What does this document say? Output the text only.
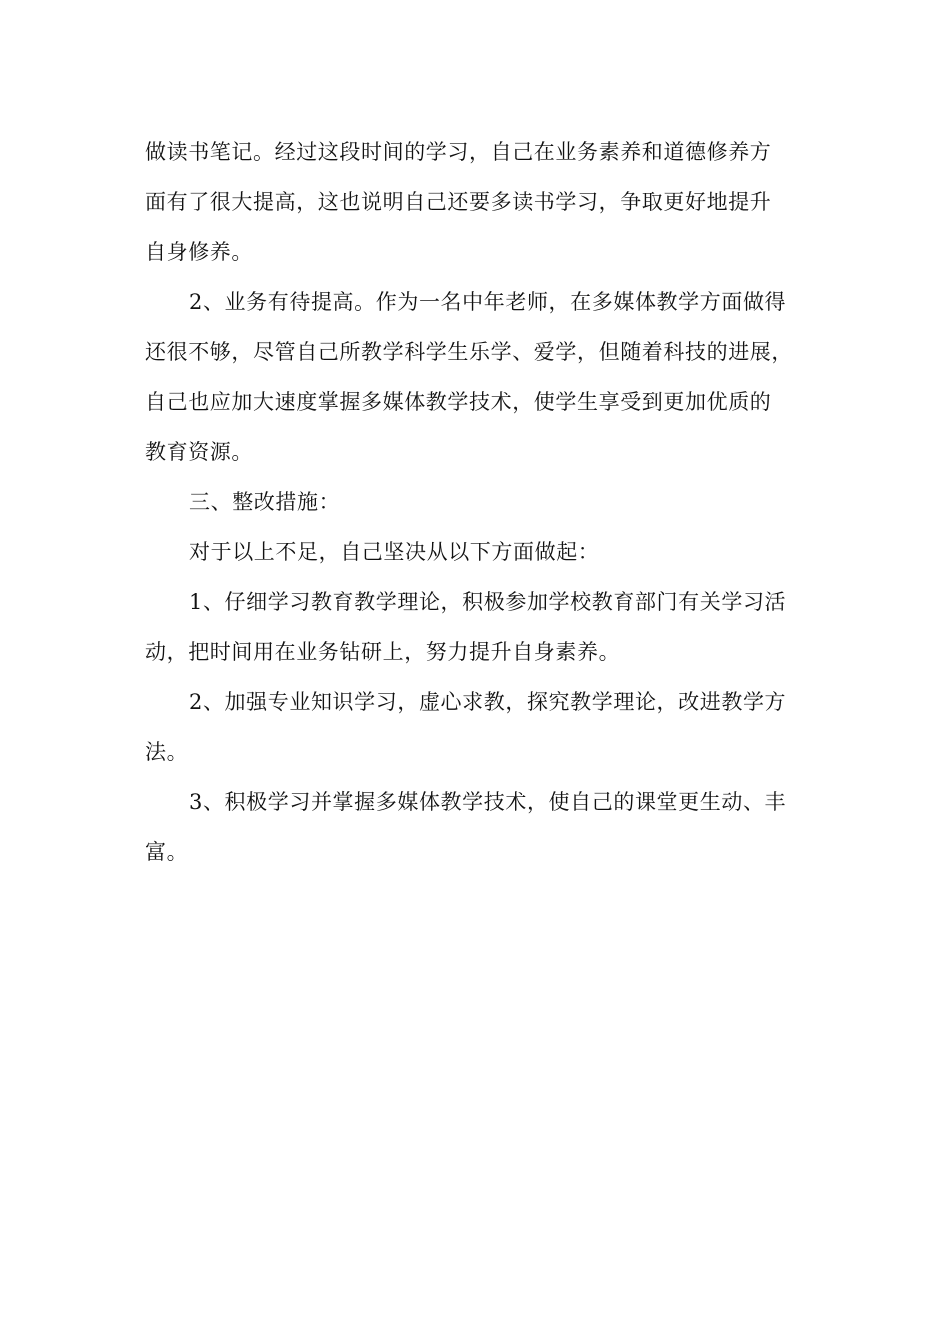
做读书笔记。经过这段时间的学习，自己在业务素养和道德修养方
面有了很大提高，这也说明自己还要多读书学习，争取更好地提升
自身修养。
2、业务有待提高。作为一名中年老师，在多媒体教学方面做得
还很不够，尽管自己所教学科学生乐学、爱学，但随着科技的进展，
自己也应加大速度掌握多媒体教学技术，使学生享受到更加优质的
教育资源。
三、整改措施：
对于以上不足，自己坚决从以下方面做起：
1、仔细学习教育教学理论，积极参加学校教育部门有关学习活
动，把时间用在业务钻研上，努力提升自身素养。
2、加强专业知识学习，虚心求教，探究教学理论，改进教学方
法。
3、积极学习并掌握多媒体教学技术，使自己的课堂更生动、丰
富。
